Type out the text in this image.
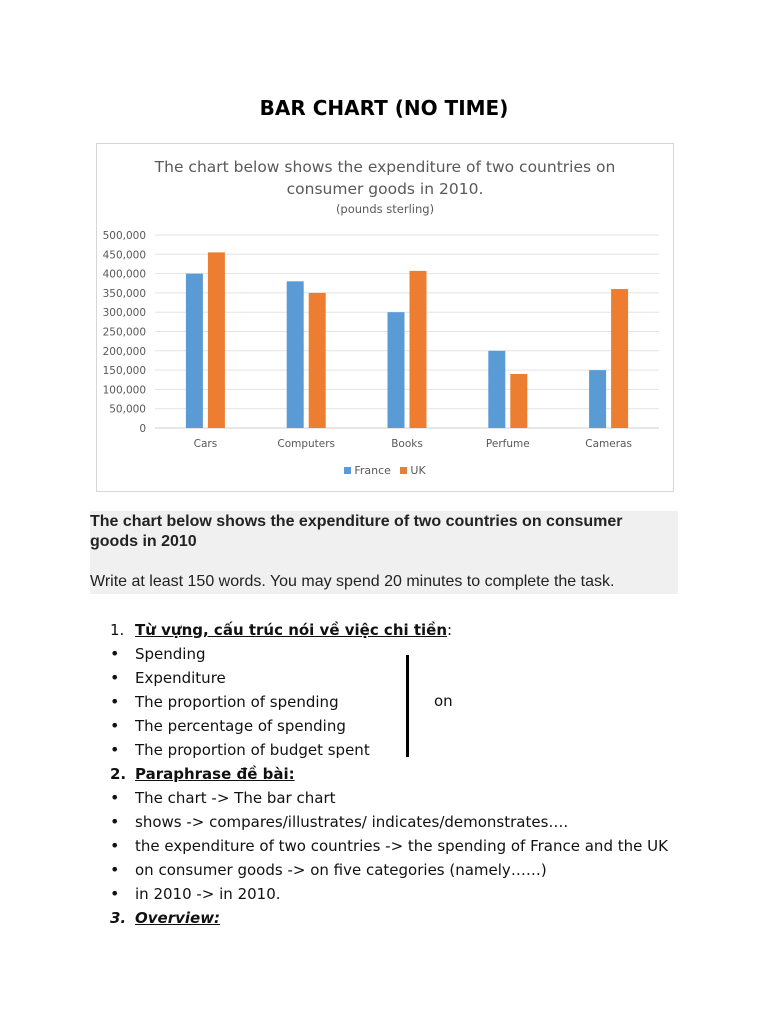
BAR CHART (NO TIME)
The chart below shows the expenditure of two countries on
consumer goods in 2010.
(pounds sterling)
0
50,000
100,000
150,000
200,000
250,000
300,000
350,000
400,000
450,000
500,000
Cars	Computers	Books	Perfume	Cameras
France UK
The chart below shows the expenditure of two countries on consumer goods in 2010
Write at least 150 words. You may spend 20 minutes to complete the task.
1. Từ vựng, cấu trúc nói về việc chi tiền:
•	Spending
•	Expenditure
•	The proportion of spending
•	The percentage of spending
•	The proportion of budget spent
2. Paraphrase đề bài:
•	The chart -> The bar chart
•	shows -> compares/illustrates/ indicates/demonstrates….
•	the expenditure of two countries -> the spending of France and the UK
•	on consumer goods -> on five categories (namely……)
•	in 2010 -> in 2010.
3. Overview:
on
